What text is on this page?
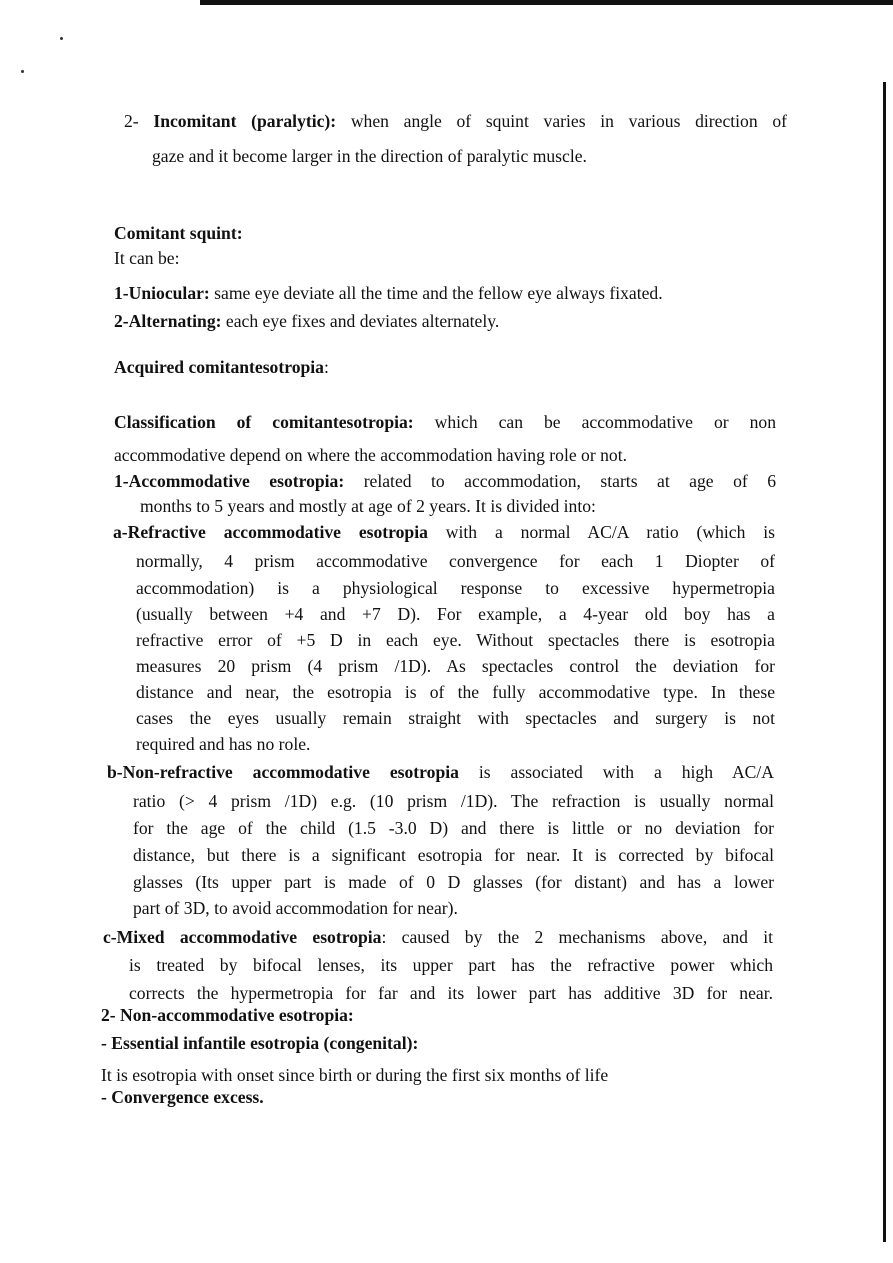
2- Incomitant (paralytic): when angle of squint varies in various direction of
gaze and it become larger in the direction of paralytic muscle.
Comitant squint:
It can be:
1-Uniocular: same eye deviate all the time and the fellow eye always fixated.
2-Alternating: each eye fixes and deviates alternately.
Acquired comitantesotropia:
Classification of comitantesotropia: which can be accommodative or non
accommodative depend on where the accommodation having role or not.
1-Accommodative esotropia: related to accommodation, starts at age of 6
months to 5 years and mostly at age of 2 years. It is divided into:
a-Refractive accommodative esotropia with a normal AC/A ratio (which is
normally, 4 prism accommodative convergence for each 1 Diopter of
accommodation) is a physiological response to excessive hypermetropia
(usually between +4 and +7 D). For example, a 4-year old boy has a
refractive error of +5 D in each eye. Without spectacles there is esotropia
measures 20 prism (4 prism /1D). As spectacles control the deviation for
distance and near, the esotropia is of the fully accommodative type. In these
cases the eyes usually remain straight with spectacles and surgery is not
required and has no role.
b-Non-refractive accommodative esotropia is associated with a high AC/A
ratio (> 4 prism /1D) e.g. (10 prism /1D). The refraction is usually normal
for the age of the child (1.5 -3.0 D) and there is little or no deviation for
distance, but there is a significant esotropia for near. It is corrected by bifocal
glasses (Its upper part is made of 0 D glasses (for distant) and has a lower
part of 3D, to avoid accommodation for near).
c-Mixed accommodative esotropia: caused by the 2 mechanisms above, and it
is treated by bifocal lenses, its upper part has the refractive power which
corrects the hypermetropia for far and its lower part has additive 3D for near.
2- Non-accommodative esotropia:
- Essential infantile esotropia (congenital):
It is esotropia with onset since birth or during the first six months of life
- Convergence excess.
